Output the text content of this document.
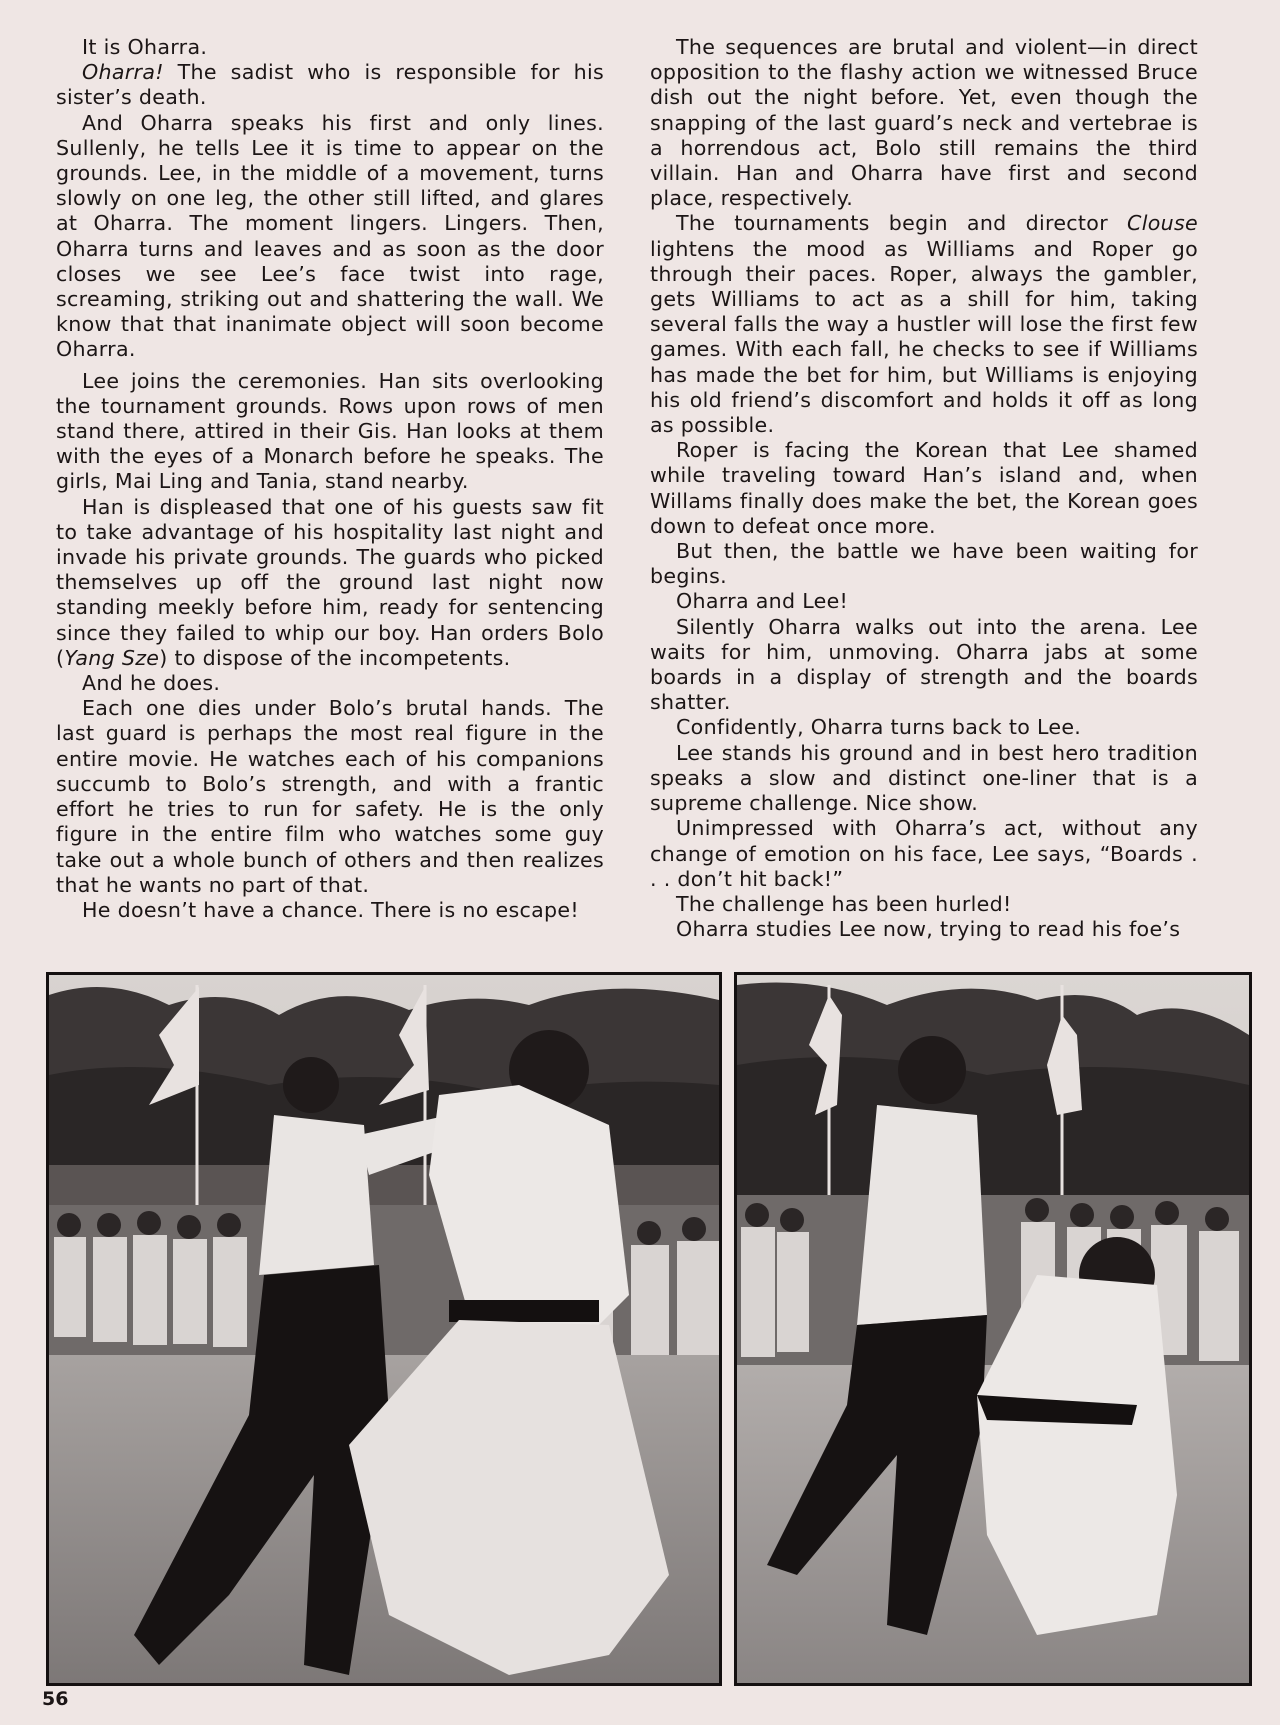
It is Oharra.

Oharra! The sadist who is responsible for his sister’s death.

And Oharra speaks his first and only lines. Sullenly, he tells Lee it is time to appear on the grounds. Lee, in the middle of a movement, turns slowly on one leg, the other still lifted, and glares at Oharra. The moment lingers. Lingers. Then, Oharra turns and leaves and as soon as the door closes we see Lee’s face twist into rage, screaming, striking out and shattering the wall. We know that that inanimate object will soon become Oharra.

Lee joins the ceremonies. Han sits overlooking the tournament grounds. Rows upon rows of men stand there, attired in their Gis. Han looks at them with the eyes of a Monarch before he speaks. The girls, Mai Ling and Tania, stand nearby.

Han is displeased that one of his guests saw fit to take advantage of his hospitality last night and invade his private grounds. The guards who picked themselves up off the ground last night now standing meekly before him, ready for sentencing since they failed to whip our boy. Han orders Bolo (Yang Sze) to dispose of the incompetents.

And he does.

Each one dies under Bolo’s brutal hands. The last guard is perhaps the most real figure in the entire movie. He watches each of his companions succumb to Bolo’s strength, and with a frantic effort he tries to run for safety. He is the only figure in the entire film who watches some guy take out a whole bunch of others and then realizes that he wants no part of that.

He doesn’t have a chance. There is no escape!

The sequences are brutal and violent—in direct opposition to the flashy action we witnessed Bruce dish out the night before. Yet, even though the snapping of the last guard’s neck and vertebrae is a horrendous act, Bolo still remains the third villain. Han and Oharra have first and second place, respectively.

The tournaments begin and director Clouse lightens the mood as Williams and Roper go through their paces. Roper, always the gambler, gets Williams to act as a shill for him, taking several falls the way a hustler will lose the first few games. With each fall, he checks to see if Williams has made the bet for him, but Williams is enjoying his old friend’s discomfort and holds it off as long as possible.

Roper is facing the Korean that Lee shamed while traveling toward Han’s island and, when Willams finally does make the bet, the Korean goes down to defeat once more.

But then, the battle we have been waiting for begins.

Oharra and Lee!

Silently Oharra walks out into the arena. Lee waits for him, unmoving. Oharra jabs at some boards in a display of strength and the boards shatter.

Confidently, Oharra turns back to Lee.

Lee stands his ground and in best hero tradition speaks a slow and distinct one-liner that is a supreme challenge. Nice show.

Unimpressed with Oharra’s act, without any change of emotion on his face, Lee says, “Boards . . . don’t hit back!”

The challenge has been hurled!

Oharra studies Lee now, trying to read his foe’s

56
